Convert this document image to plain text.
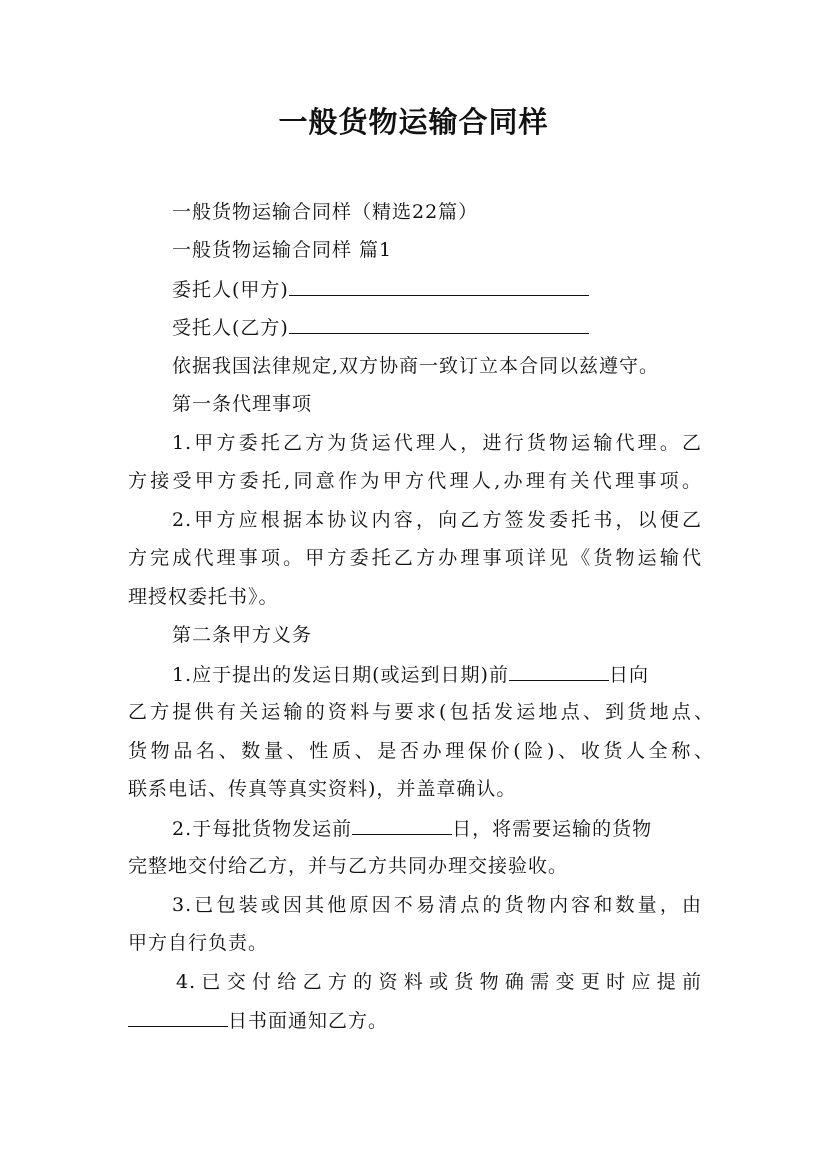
一般货物运输合同样
一般货物运输合同样（精选22篇）
一般货物运输合同样 篇1
委托人(甲方)
受托人(乙方)
依据我国法律规定,双方协商一致订立本合同以兹遵守。
第一条代理事项
1.甲方委托乙方为货运代理人，进行货物运输代理。乙
方接受甲方委托,同意作为甲方代理人,办理有关代理事项。
2.甲方应根据本协议内容，向乙方签发委托书，以便乙
方完成代理事项。甲方委托乙方办理事项详见《货物运输代
理授权委托书》。
第二条甲方义务
1.应于提出的发运日期(或运到日期)前	日向
乙方提供有关运输的资料与要求(包括发运地点、到货地点、
货物品名、数量、性质、是否办理保价(险)、收货人全称、
联系电话、传真等真实资料)，并盖章确认。
2.于每批货物发运前	日，将需要运输的货物
完整地交付给乙方，并与乙方共同办理交接验收。
3.已包装或因其他原因不易清点的货物内容和数量，由
甲方自行负责。
4.已交付给乙方的资料或货物确需变更时应提前
日书面通知乙方。
